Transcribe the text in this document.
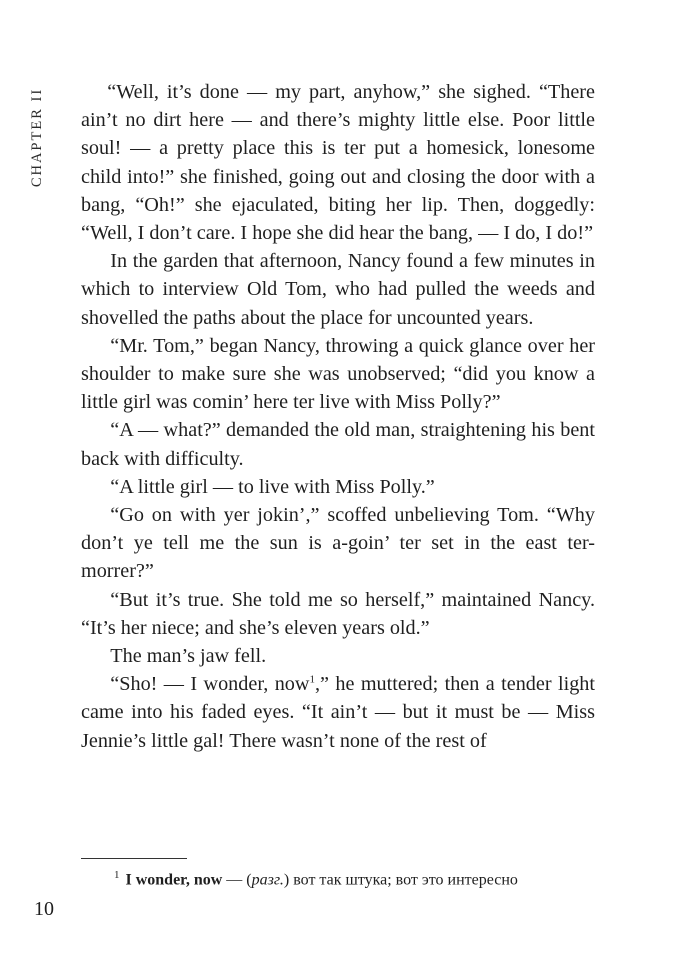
CHAPTER II	“Well, it’s done — my part, anyhow,” she sighed. “There ain’t no dirt here — and there’s mighty little else. Poor little soul! — a pretty place this is ter put a homesick, lonesome child into!” she finished, going out and closing the door with a bang, “Oh!” she ejaculated, biting her lip. Then, doggedly: “Well, I don’t care. I hope she did hear the bang, — I do, I do!”

In the garden that afternoon, Nancy found a few minutes in which to interview Old Tom, who had pulled the weeds and shovelled the paths about the place for uncounted years.

“Mr. Tom,” began Nancy, throwing a quick glance over her shoulder to make sure she was unobserved; “did you know a little girl was comin’ here ter live with Miss Polly?”

“A — what?” demanded the old man, straightening his bent back with difficulty.

“A little girl — to live with Miss Polly.”

“Go on with yer jokin’,” scoffed unbelieving Tom. “Why don’t ye tell me the sun is a-goin’ ter set in the east ter-morrer?”

“But it’s true. She told me so herself,” maintained Nancy. “It’s her niece; and she’s eleven years old.”

The man’s jaw fell.

“Sho! — I wonder, now$^1$,” he muttered; then a tender light came into his faded eyes. “It ain’t — but it must be — Miss Jennie’s little gal! There wasn’t none of the rest of

$^1$ I wonder, now — (разг.) вот так штука; вот это интересно
10
